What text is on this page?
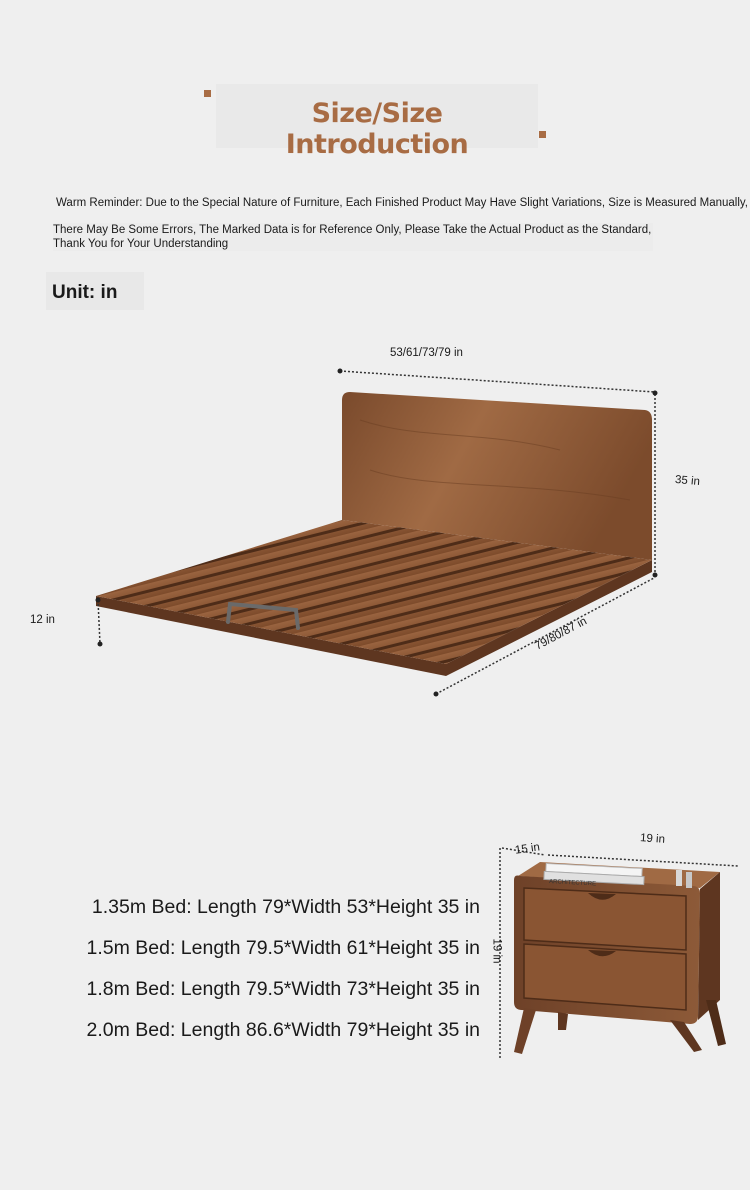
Size/Size Introduction
Warm Reminder: Due to the Special Nature of Furniture, Each Finished Product May Have Slight Variations, Size is Measured Manually,
There May Be Some Errors, The Marked Data is for Reference Only, Please Take the Actual Product as the Standard, Thank You for Your Understanding
Unit: in
ARCHITECTURE
53/61/73/79 in
35 in
79/80/87 in
12 in
15 in
19 in
19 in
1.35m Bed: Length 79*Width 53*Height 35 in
1.5m Bed: Length 79.5*Width 61*Height 35 in
1.8m Bed: Length 79.5*Width 73*Height 35 in
2.0m Bed: Length 86.6*Width 79*Height 35 in
